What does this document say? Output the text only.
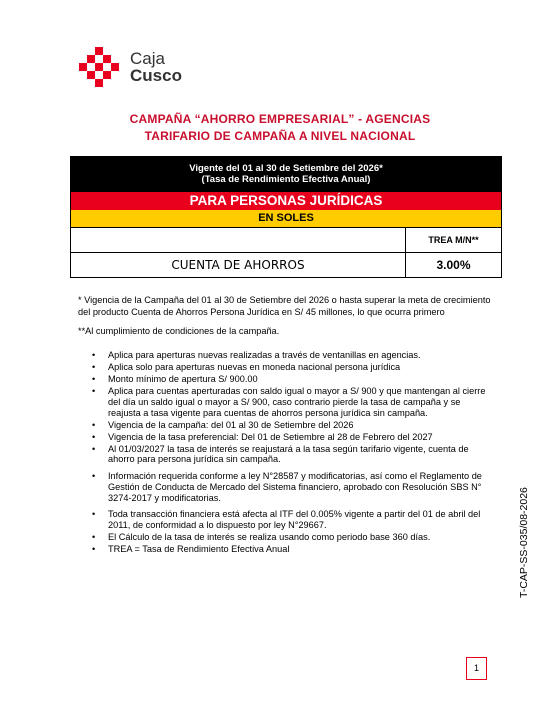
Caja
Cusco
CAMPAÑA “AHORRO EMPRESARIAL” - AGENCIAS
TARIFARIO DE CAMPAÑA A NIVEL NACIONAL
Vigente del 01 al 30 de Setiembre del 2026*
(Tasa de Rendimiento Efectiva Anual)
PARA PERSONAS JURÍDICAS
EN SOLES
TREA M/N**
CUENTA DE AHORROS	3.00%
* Vigencia de la Campaña del 01 al 30 de Setiembre del 2026 o hasta superar la meta de crecimiento del producto Cuenta de Ahorros Persona Jurídica en S/ 45 millones, lo que ocurra primero
**Al cumplimiento de condiciones de la campaña.
• Aplica para aperturas nuevas realizadas a través de ventanillas en agencias.
• Aplica solo para aperturas nuevas en moneda nacional persona jurídica
• Monto mínimo de apertura S/ 900.00
• Aplica para cuentas aperturadas con saldo igual o mayor a S/ 900 y que mantengan al cierre del día un saldo igual o mayor a S/ 900, caso contrario pierde la tasa de campaña y se reajusta a tasa vigente para cuentas de ahorros persona jurídica sin campaña.
• Vigencia de la campaña: del 01 al 30 de Setiembre del 2026
• Vigencia de la tasa preferencial: Del 01 de Setiembre al 28 de Febrero del 2027
• Al 01/03/2027 la tasa de interés se reajustará a la tasa según tarifario vigente, cuenta de ahorro para persona jurídica sin campaña.
• Información requerida conforme a ley N°28587 y modificatorias, así como el Reglamento de Gestión de Conducta de Mercado del Sistema financiero, aprobado con Resolución SBS N° 3274-2017 y modificatorias.
• Toda transacción financiera está afecta al ITF del 0.005% vigente a partir del 01 de abril del 2011, de conformidad a lo dispuesto por ley N°29667.
• El Cálculo de la tasa de interés se realiza usando como periodo base 360 días.
• TREA = Tasa de Rendimiento Efectiva Anual	T-CAP-SS-035/08-2026
1
